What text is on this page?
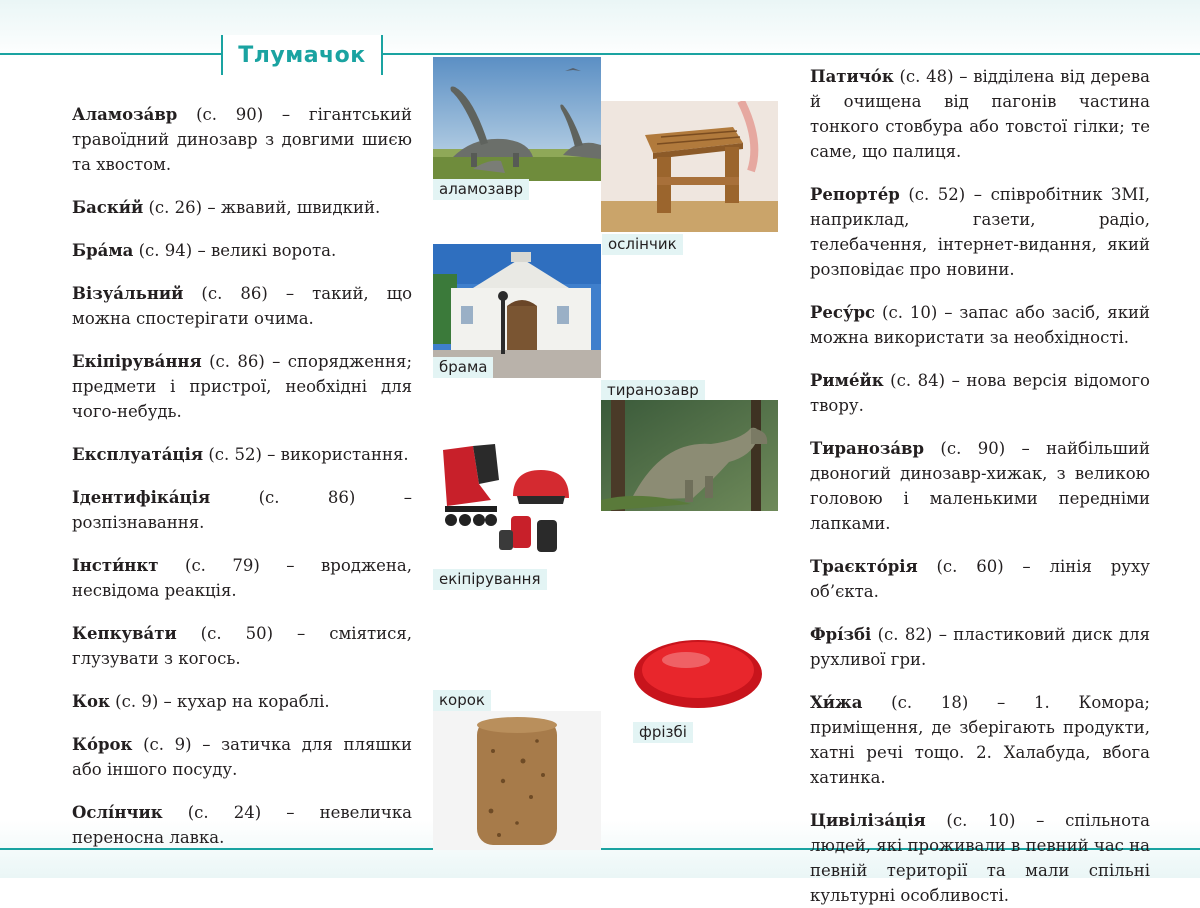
Тлумачок

Аламоза́вр (с. 90) – гігантський травоїдний динозавр з довгими шиєю та хвостом.

Баски́й (с. 26) – жвавий, швидкий.

Бра́ма (с. 94) – великі ворота.

Візуа́льний (с. 86) – такий, що можна спостерігати очима.

Екіпірува́ння (с. 86) – спорядження; предмети і пристрої, необхідні для чого-небудь.

Експлуата́ція (с. 52) – використання.

Ідентифіка́ція (с. 86) – розпізнавання.

Інсти́нкт (с. 79) – вроджена, несвідома реакція.

Кепкува́ти (с. 50) – сміятися, глузувати з когось.

Кок (с. 9) – кухар на кораблі.

Ко́рок (с. 9) – затичка для пляшки або іншого посуду.

Ослі́нчик (с. 24) – невеличка переносна лавка.

Патичо́к (с. 48) – відділена від дерева й очищена від пагонів частина тонкого стовбура або товстої гілки; те саме, що палиця.

Репорте́р (с. 52) – співробітник ЗМІ, наприклад, газети, радіо, телебачення, інтернет-видання, який розповідає про новини.

Ресу́рс (с. 10) – запас або засіб, який можна використати за необхідності.

Риме́йк (с. 84) – нова версія відомого твору.

Тираноза́вр (с. 90) – найбільший двоногий динозавр-хижак, з великою головою і маленькими передніми лапками.

Траєкто́рія (с. 60) – лінія руху об’єкта.

Фрі́збі (с. 82) – пластиковий диск для рухливої гри.

Хи́жа (с. 18) – 1. Комора; приміщення, де зберігають продукти, хатні речі тощо. 2. Халабуда, вбога хатинка.

Цивіліза́ція (с. 10) – спільнота людей, які проживали в певний час на певній території та мали спільні культурні особливості.

аламозавр
ослінчик
брама
тиранозавр
екіпірування
фрізбі
корок
